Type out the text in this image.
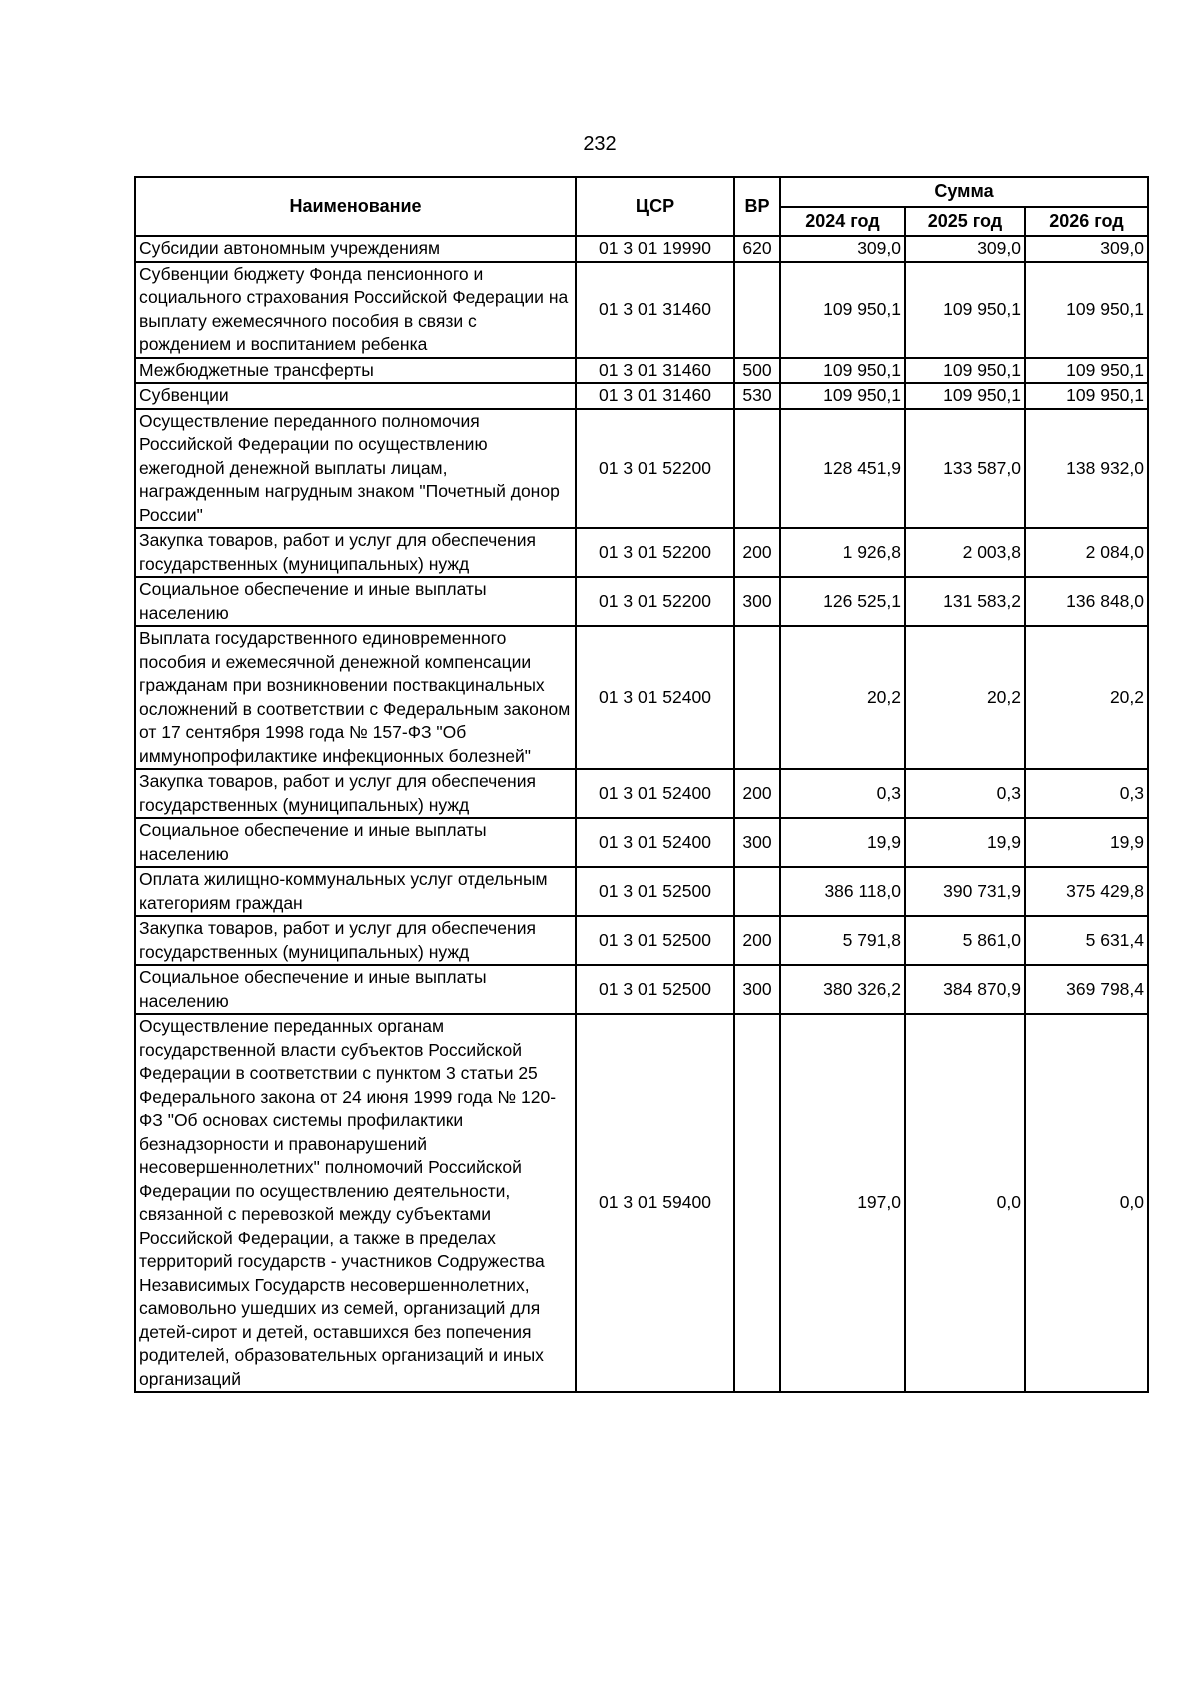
232
Наименование	ЦСР	ВР	Сумма		
			2024 год	2025 год	2026 год
Субсидии автономным учреждениям	01 3 01 19990	620	309,0	309,0	309,0
Субвенции бюджету Фонда пенсионного и социального страхования Российской Федерации на выплату ежемесячного пособия в связи с рождением и воспитанием ребенка	01 3 01 31460		109 950,1	109 950,1	109 950,1
Межбюджетные трансферты	01 3 01 31460	500	109 950,1	109 950,1	109 950,1
Субвенции	01 3 01 31460	530	109 950,1	109 950,1	109 950,1
Осуществление переданного полномочия Российской Федерации по осуществлению ежегодной денежной выплаты лицам, награжденным нагрудным знаком "Почетный донор России"	01 3 01 52200		128 451,9	133 587,0	138 932,0
Закупка товаров, работ и услуг для обеспечения государственных (муниципальных) нужд	01 3 01 52200	200	1 926,8	2 003,8	2 084,0
Социальное обеспечение и иные выплаты населению	01 3 01 52200	300	126 525,1	131 583,2	136 848,0
Выплата государственного единовременного пособия и ежемесячной денежной компенсации гражданам при возникновении поствакцинальных осложнений в соответствии с Федеральным законом от 17 сентября 1998 года № 157-ФЗ "Об иммунопрофилактике инфекционных болезней"	01 3 01 52400		20,2	20,2	20,2
Закупка товаров, работ и услуг для обеспечения государственных (муниципальных) нужд	01 3 01 52400	200	0,3	0,3	0,3
Социальное обеспечение и иные выплаты населению	01 3 01 52400	300	19,9	19,9	19,9
Оплата жилищно-коммунальных услуг отдельным категориям граждан	01 3 01 52500		386 118,0	390 731,9	375 429,8
Закупка товаров, работ и услуг для обеспечения государственных (муниципальных) нужд	01 3 01 52500	200	5 791,8	5 861,0	5 631,4
Социальное обеспечение и иные выплаты населению	01 3 01 52500	300	380 326,2	384 870,9	369 798,4
Осуществление переданных органам государственной власти субъектов Российской Федерации в соответствии с пунктом 3 статьи 25 Федерального закона от 24 июня 1999 года № 120-ФЗ "Об основах системы профилактики безнадзорности и правонарушений несовершеннолетних" полномочий Российской Федерации по осуществлению деятельности, связанной с перевозкой между субъектами Российской Федерации, а также в пределах территорий государств - участников Содружества Независимых Государств несовершеннолетних, самовольно ушедших из семей, организаций для детей-сирот и детей, оставшихся без попечения родителей, образовательных организаций и иных организаций	01 3 01 59400		197,0	0,0	0,0
